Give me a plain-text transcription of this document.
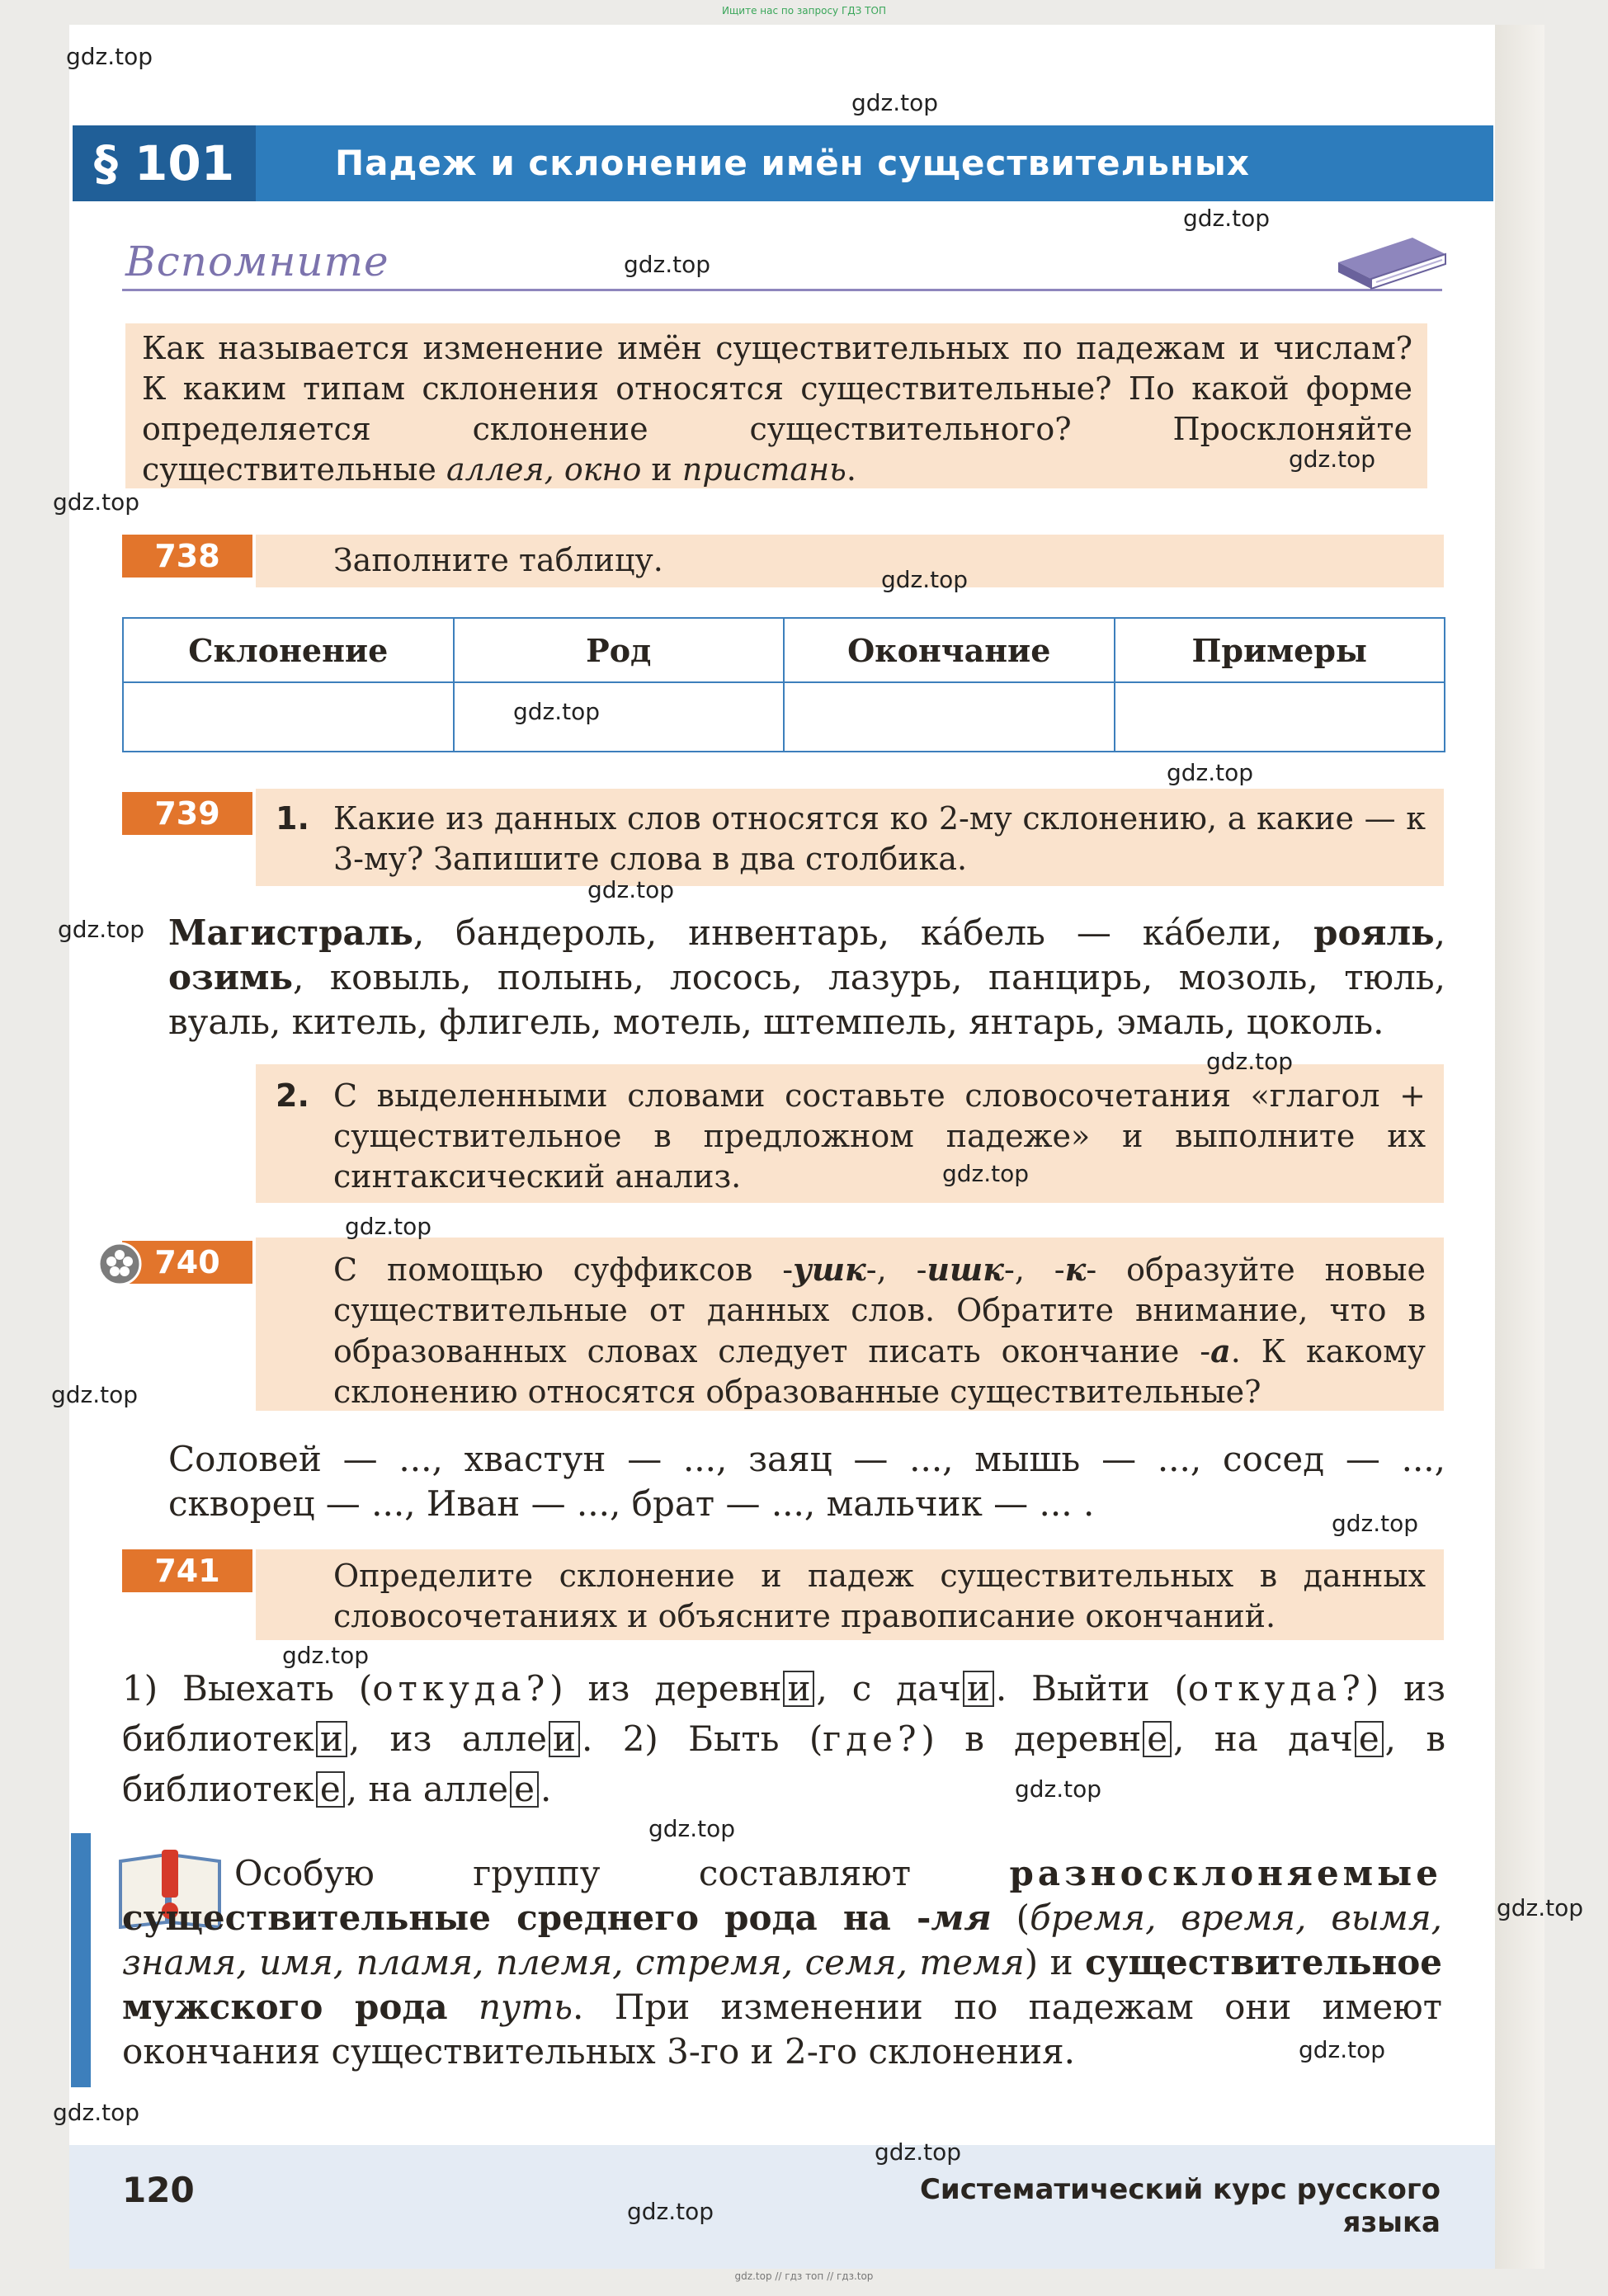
Ищите нас по запросу ГДЗ ТОП
§ 101	Падеж и склонение имён существительных
Вспомните
Как называется изменение имён существительных по падежам и числам? К каким типам склонения относятся существительные? По какой форме определяется склонение существительного? Просклоняйте существительные аллея, окно и пристань.
738	Заполните таблицу.
Склонение	Род	Окончание	Примеры

739	1. Какие из данных слов относятся ко 2-му склонению, а какие — к 3-му? Запишите слова в два столбика.
Магистраль, бандероль, инвентарь, ка́бель — ка́бели, рояль, озимь, ковыль, полынь, лосось, лазурь, панцирь, мозоль, тюль, вуаль, китель, флигель, мотель, штемпель, янтарь, эмаль, цоколь.
2. С выделенными словами составьте словосочетания «глагол + существительное в предложном падеже» и выполните их синтаксический анализ.
740	С помощью суффиксов -ушк-, -ишк-, -к- образуйте новые существительные от данных слов. Обратите внимание, что в образованных словах следует писать окончание -а. К какому склонению относятся образованные существительные?
Соловей — ..., хвастун — ..., заяц — ..., мышь — ..., сосед — ..., скворец — ..., Иван — ..., брат — ..., мальчик — ... .
741	Определите склонение и падеж существительных в данных словосочетаниях и объясните правописание окончаний.
1) Выехать (откуда?) из деревн и , с дач и . Выйти (откуда?) из библиотек и , из алле и . 2) Быть (где?) в деревн е , на дач е , в библиотек е , на алле е .
Особую группу составляют	разносклоняемые существительные среднего рода на -мя (бремя, время, вымя, знамя, имя, пламя, племя, стремя, семя, темя) и существительное мужского рода путь. При изменении по падежам они имеют окончания существительных 3-го и 2-го склонения.
120	Систематический курс русского языка
gdz.top
gdz.top
gdz.top
gdz.top
gdz.top
gdz.top
gdz.top
gdz.top
gdz.top
gdz.top
gdz.top
gdz.top
gdz.top
gdz.top
gdz.top
gdz.top
gdz.top
gdz.top
gdz.top
gdz.top
gdz.top
gdz.top
gdz.top
gdz.top
gdz.top // гдз топ // гдз.top
